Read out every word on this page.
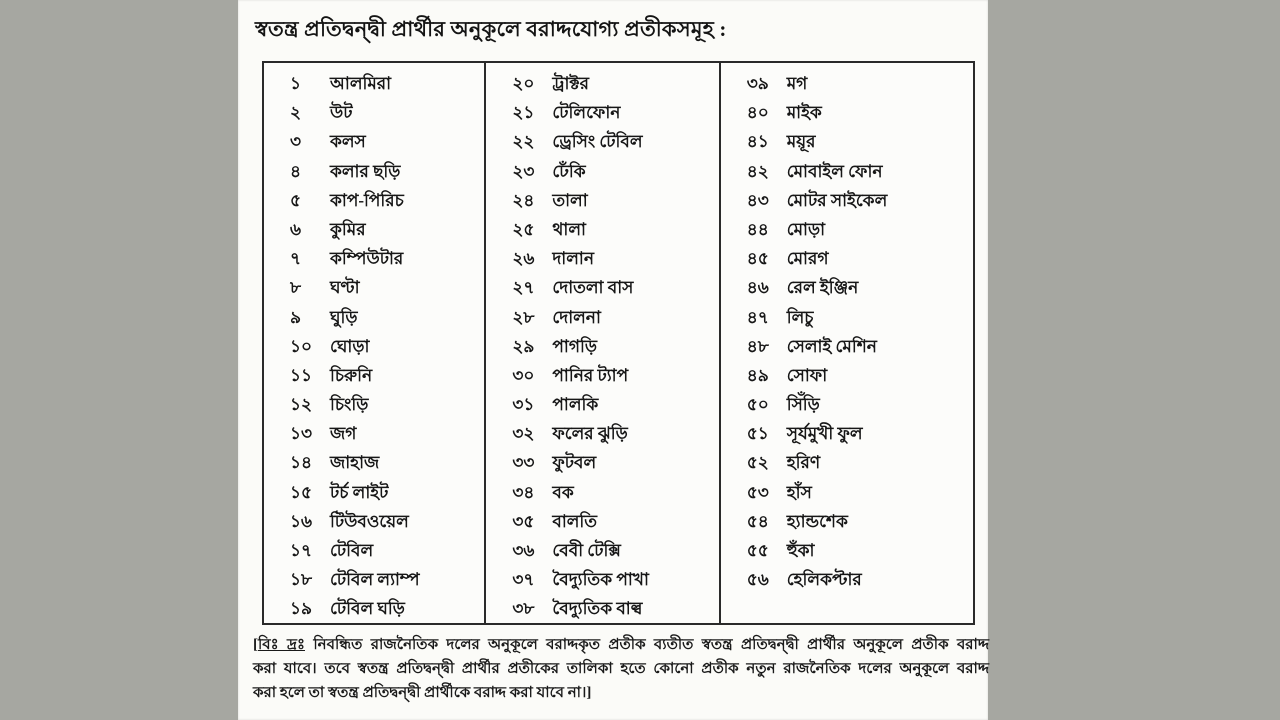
স্বতন্ত্র প্রতিদ্বন্দ্বী প্রার্থীর অনুকূলে বরাদ্দযোগ্য প্রতীকসমূহ :
১	আলমিরা
২	উট
৩	কলস
৪	কলার ছড়ি
৫	কাপ-পিরিচ
৬	কুমির
৭	কম্পিউটার
৮	ঘণ্টা
৯	ঘুড়ি
১০	ঘোড়া
১১	চিরুনি
১২	চিংড়ি
১৩	জগ
১৪	জাহাজ
১৫	টর্চ লাইট
১৬	টিউবওয়েল
১৭	টেবিল
১৮	টেবিল ল্যাম্প
১৯	টেবিল ঘড়ি
২০	ট্রাক্টর
২১	টেলিফোন
২২	ড্রেসিং টেবিল
২৩	ঢেঁকি
২৪	তালা
২৫	থালা
২৬	দালান
২৭	দোতলা বাস
২৮	দোলনা
২৯	পাগড়ি
৩০	পানির ট্যাপ
৩১	পালকি
৩২	ফলের ঝুড়ি
৩৩	ফুটবল
৩৪	বক
৩৫	বালতি
৩৬	বেবী টেক্সি
৩৭	বৈদ্যুতিক পাখা
৩৮	বৈদ্যুতিক বাল্ব
৩৯	মগ
৪০	মাইক
৪১	ময়ূর
৪২	মোবাইল ফোন
৪৩	মোটর সাইকেল
৪৪	মোড়া
৪৫	মোরগ
৪৬	রেল ইঞ্জিন
৪৭	লিচু
৪৮	সেলাই মেশিন
৪৯	সোফা
৫০	সিঁড়ি
৫১	সূর্যমুখী ফুল
৫২	হরিণ
৫৩	হাঁস
৫৪	হ্যান্ডশেক
৫৫	হুঁকা
৫৬	হেলিকপ্টার
[বিঃ দ্রঃ নিবন্ধিত রাজনৈতিক দলের অনুকূলে বরাদ্দকৃত প্রতীক ব্যতীত স্বতন্ত্র প্রতিদ্বন্দ্বী প্রার্থীর অনুকূলে প্রতীক বরাদ্দ
করা যাবে। তবে স্বতন্ত্র প্রতিদ্বন্দ্বী প্রার্থীর প্রতীকের তালিকা হতে কোনো প্রতীক নতুন রাজনৈতিক দলের অনুকূলে বরাদ্দ
করা হলে তা স্বতন্ত্র প্রতিদ্বন্দ্বী প্রার্থীকে বরাদ্দ করা যাবে না।]
